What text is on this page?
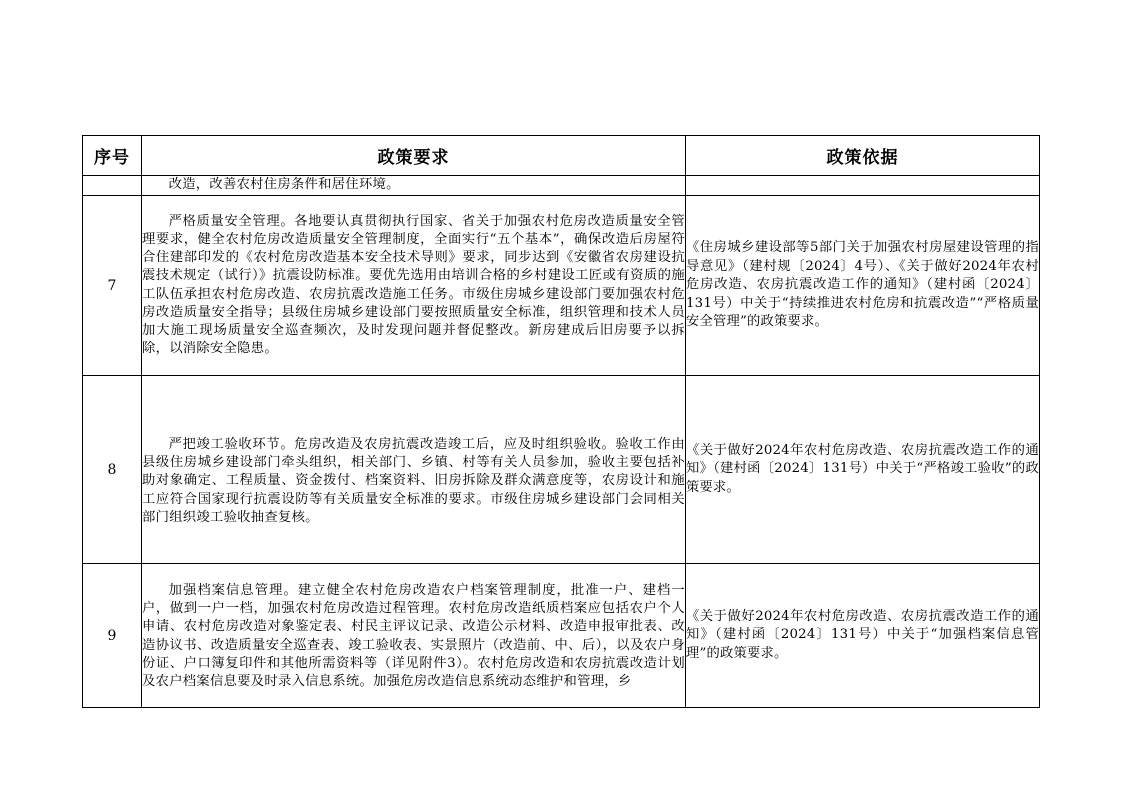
序号	政策要求	政策依据

	改造，改善农村住房条件和居住环境。	

7	严格质量安全管理。各地要认真贯彻执行国家、省关于加强农村危房改造质量安全管理要求，健全农村危房改造质量安全管理制度，全面实行“五个基本”，确保改造后房屋符合住建部印发的《农村危房改造基本安全技术导则》要求，同步达到《安徽省农房建设抗震技术规定（试行）》抗震设防标准。要优先选用由培训合格的乡村建设工匠或有资质的施工队伍承担农村危房改造、农房抗震改造施工任务。市级住房城乡建设部门要加强农村危房改造质量安全指导；县级住房城乡建设部门要按照质量安全标准，组织管理和技术人员加大施工现场质量安全巡查频次，及时发现问题并督促整改。新房建成后旧房要予以拆除，以消除安全隐患。	《住房城乡建设部等5部门关于加强农村房屋建设管理的指导意见》（建村规〔2024〕4号）、《关于做好2024年农村危房改造、农房抗震改造工作的通知》（建村函〔2024〕131号）中关于“持续推进农村危房和抗震改造”“严格质量安全管理”的政策要求。
8	严把竣工验收环节。危房改造及农房抗震改造竣工后，应及时组织验收。验收工作由县级住房城乡建设部门牵头组织，相关部门、乡镇、村等有关人员参加，验收主要包括补助对象确定、工程质量、资金拨付、档案资料、旧房拆除及群众满意度等，农房设计和施工应符合国家现行抗震设防等有关质量安全标准的要求。市级住房城乡建设部门会同相关部门组织竣工验收抽查复核。	《关于做好2024年农村危房改造、农房抗震改造工作的通知》（建村函〔2024〕131号）中关于“严格竣工验收”的政策要求。
9	加强档案信息管理。建立健全农村危房改造农户档案管理制度，批准一户、建档一户，做到一户一档，加强农村危房改造过程管理。农村危房改造纸质档案应包括农户个人申请、农村危房改造对象鉴定表、村民主评议记录、改造公示材料、改造申报审批表、改造协议书、改造质量安全巡查表、竣工验收表、实景照片（改造前、中、后），以及农户身份证、户口簿复印件和其他所需资料等（详见附件3）。农村危房改造和农房抗震改造计划及农户档案信息要及时录入信息系统。加强危房改造信息系统动态维护和管理，乡	《关于做好2024年农村危房改造、农房抗震改造工作的通知》（建村函〔2024〕131号）中关于“加强档案信息管理”的政策要求。
